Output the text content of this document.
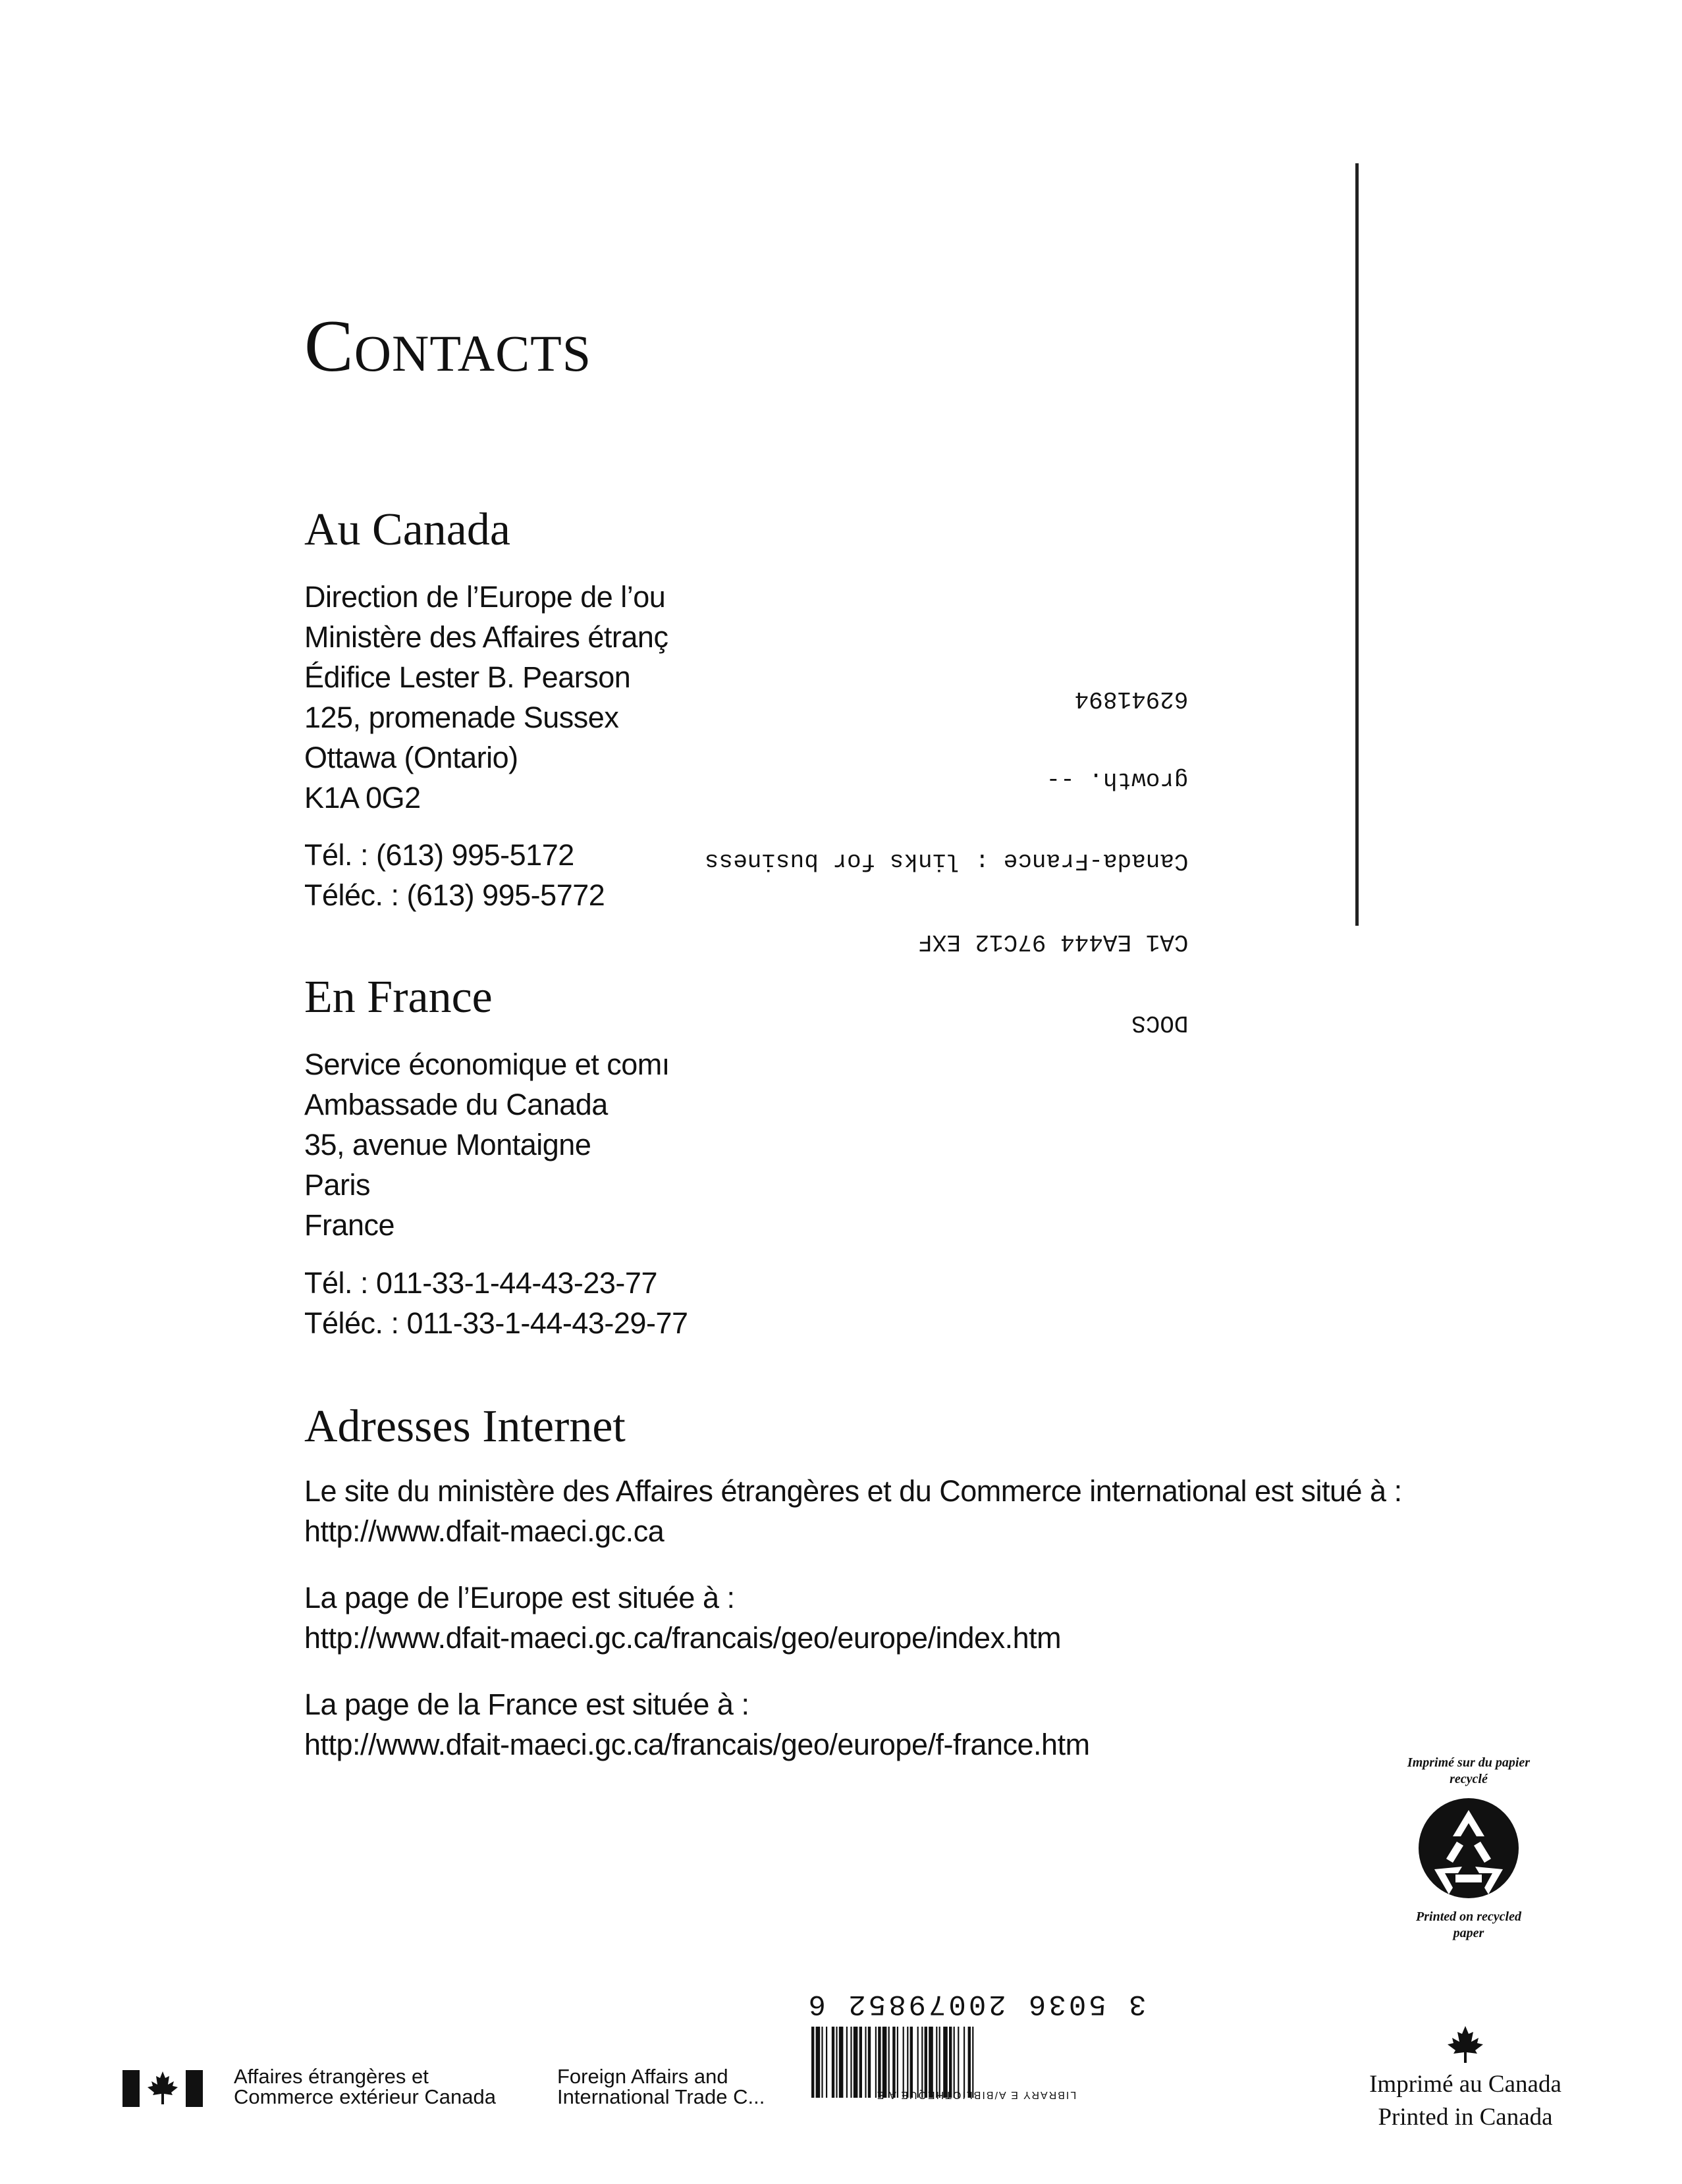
Contacts
Au Canada
Direction de l’Europe de l’ou
Ministère des Affaires étranç
Édifice Lester B. Pearson
125, promenade Sussex
Ottawa (Ontario)
K1A 0G2
Tél. : (613) 995-5172
Téléc. : (613) 995-5772
En France
Service économique et comı
Ambassade du Canada
35, avenue Montaigne
Paris
France
Tél. : 011-33-1-44-43-23-77
Téléc. : 011-33-1-44-43-29-77
Adresses Internet
Le site du ministère des Affaires étrangères et du Commerce international est situé à :
http://www.dfait-maeci.gc.ca
La page de l’Europe est située à :
http://www.dfait-maeci.gc.ca/francais/geo/europe/index.htm
La page de la France est située à :
http://www.dfait-maeci.gc.ca/francais/geo/europe/f-france.htm

DOCS

CA1 EA444 97C12 EXF

Canada-France : links for business

growth. --

62941894

Imprimé sur du papier recyclé
Printed on recycled paper
Imprimé au Canada
Printed in Canada
Affaires étrangères et
Commerce extérieur Canada
Foreign Affairs and
International Trade C...
3 5036 20079852 6
LIBRARY E A/BIBLIOTHEQUE A E
